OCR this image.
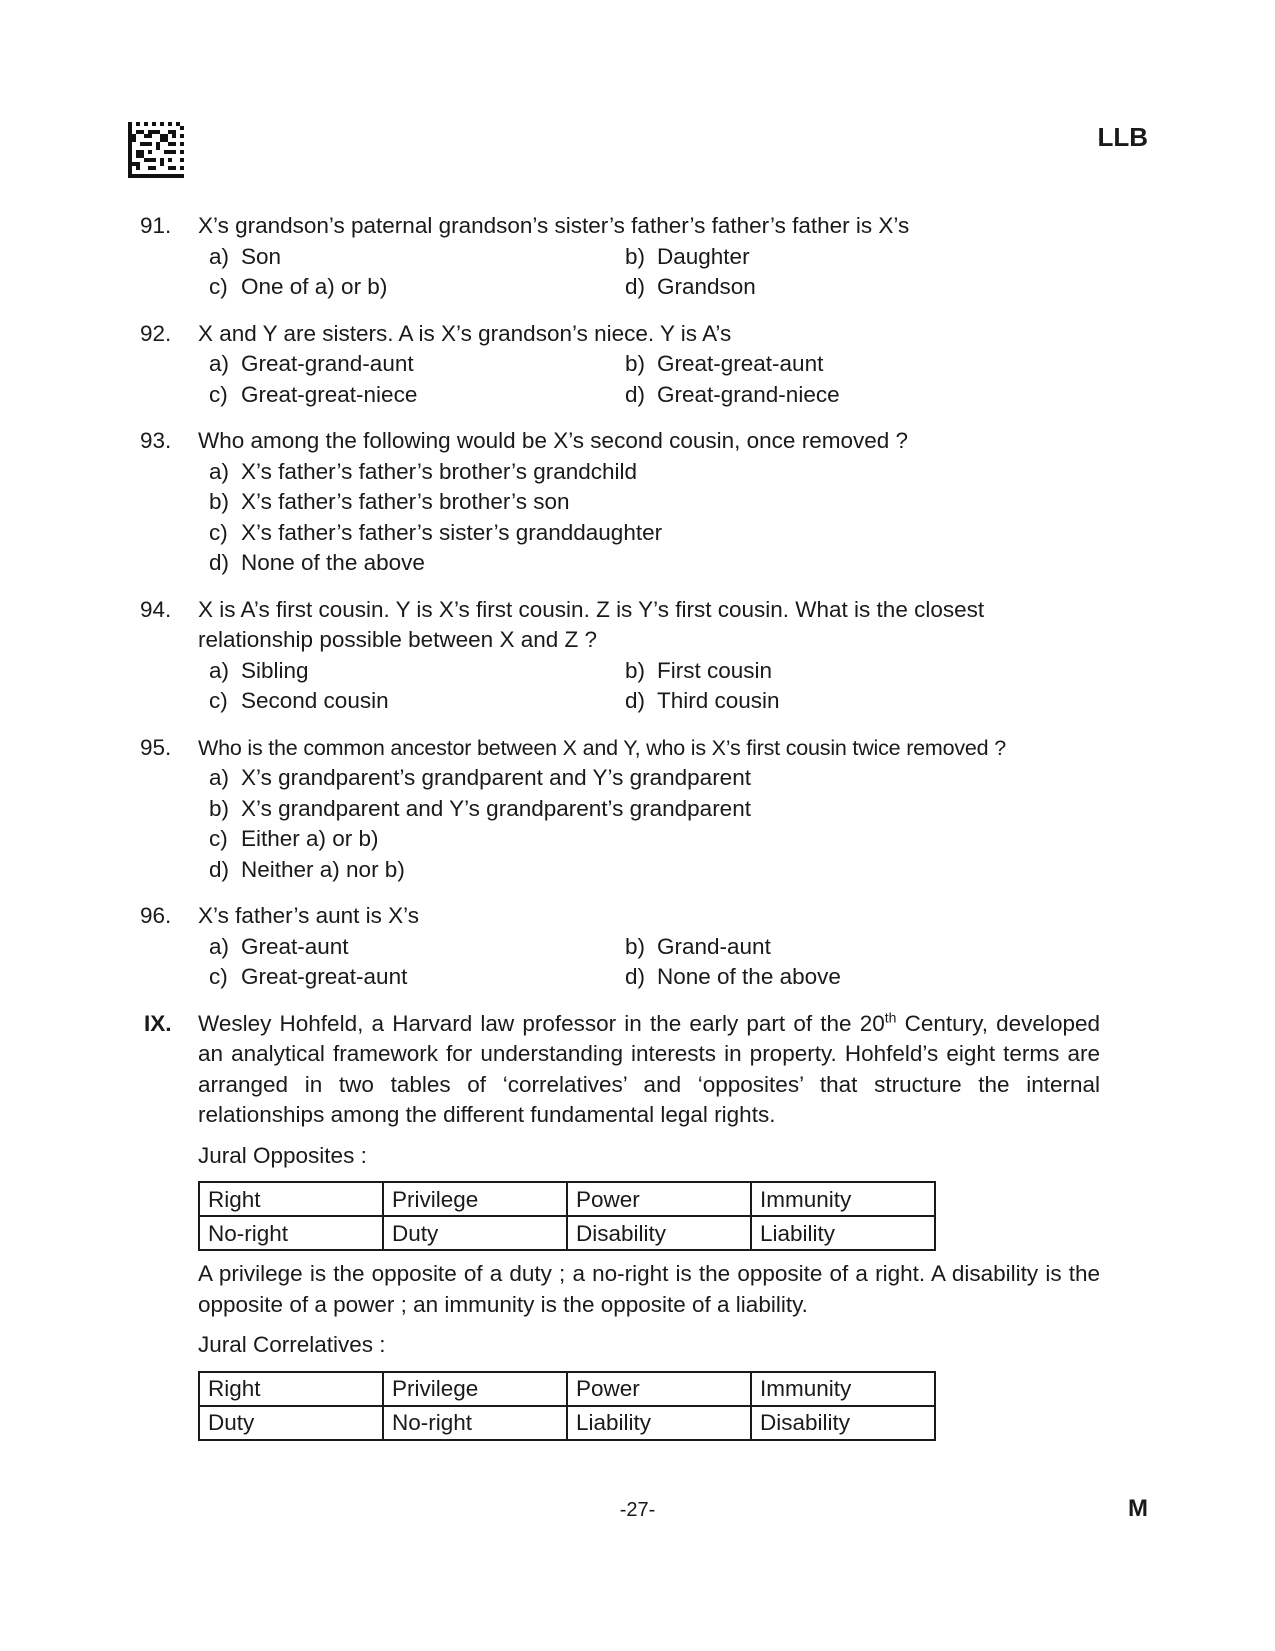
LLB
91. X’s grandson’s paternal grandson’s sister’s father’s father’s father is X’s
a) Son	b) Daughter
c) One of a) or b)	d) Grandson
92. X and Y are sisters. A is X’s grandson’s niece. Y is A’s
a) Great-grand-aunt	b) Great-great-aunt
c) Great-great-niece	d) Great-grand-niece
93. Who among the following would be X’s second cousin, once removed ?
a) X’s father’s father’s brother’s grandchild
b) X’s father’s father’s brother’s son
c) X’s father’s father’s sister’s granddaughter
d) None of the above
94. X is A’s first cousin. Y is X’s first cousin. Z is Y’s first cousin. What is the closest relationship possible between X and Z ?
a) Sibling	b) First cousin
c) Second cousin	d) Third cousin
95. Who is the common ancestor between X and Y, who is X’s first cousin twice removed ?
a) X’s grandparent’s grandparent and Y’s grandparent
b) X’s grandparent and Y’s grandparent’s grandparent
c) Either a) or b)
d) Neither a) nor b)
96. X’s father’s aunt is X’s
a) Great-aunt	b) Grand-aunt
c) Great-great-aunt	d) None of the above
IX. Wesley Hohfeld, a Harvard law professor in the early part of the 20th Century, developed an analytical framework for understanding interests in property. Hohfeld’s eight terms are arranged in two tables of ‘correlatives’ and ‘opposites’ that structure the internal relationships among the different fundamental legal rights.
Jural Opposites :
Right	Privilege	Power	Immunity
No-right	Duty	Disability	Liability
A privilege is the opposite of a duty ; a no-right is the opposite of a right. A disability is the opposite of a power ; an immunity is the opposite of a liability.
Jural Correlatives :
Right	Privilege	Power	Immunity
Duty	No-right	Liability	Disability
-27-	M
